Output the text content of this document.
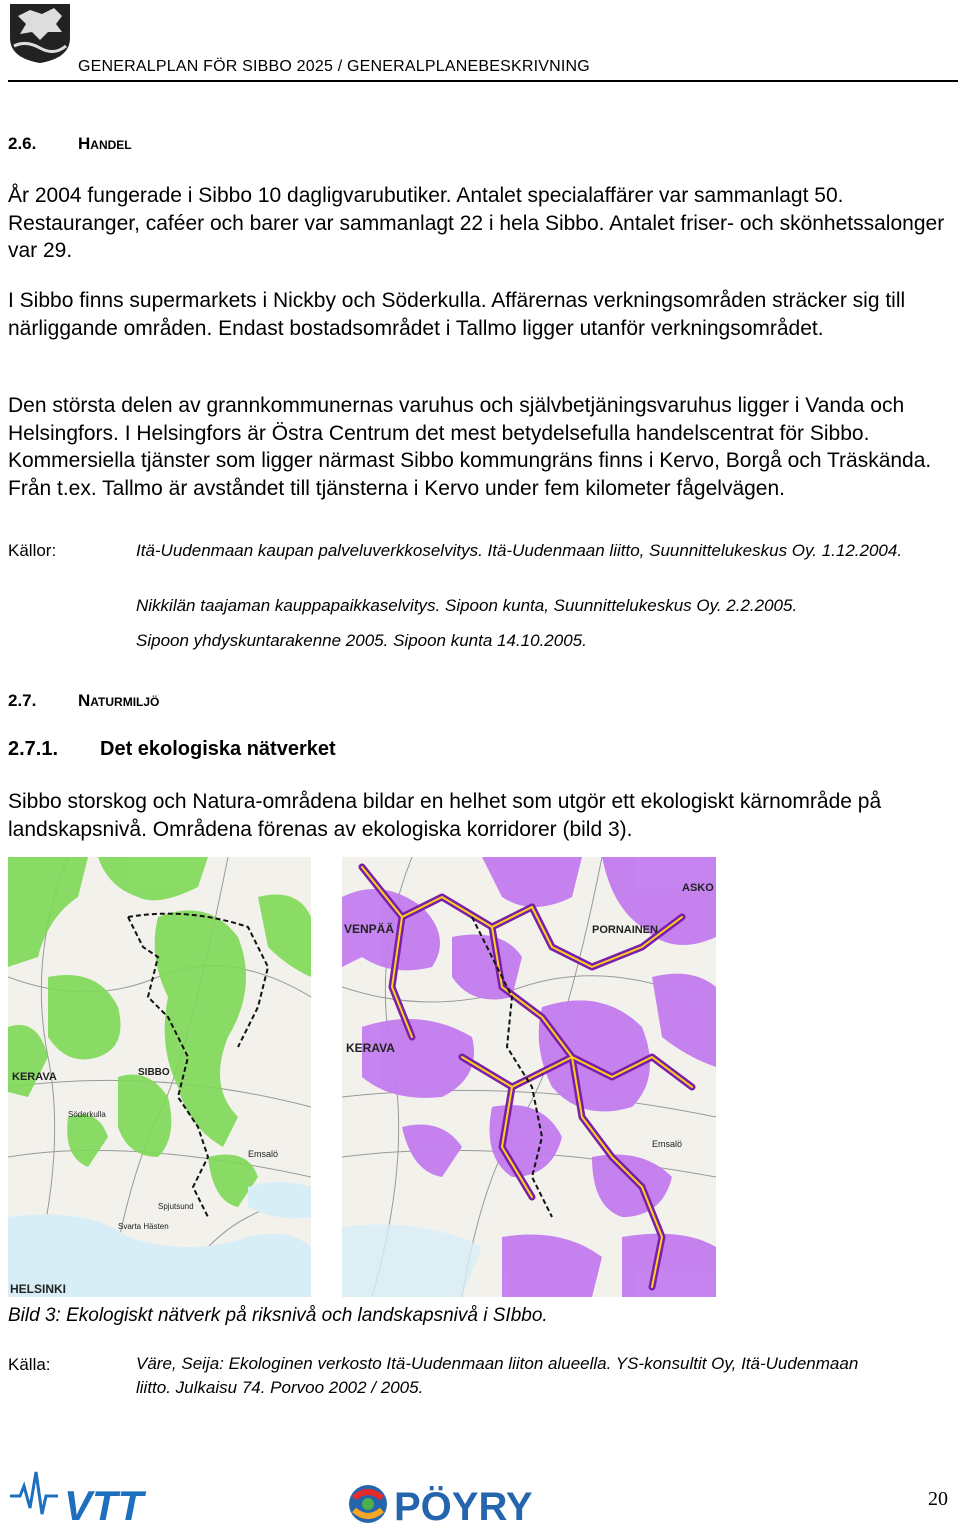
GENERALPLAN FÖR SIBBO 2025 / GENERALPLANEBESKRIVNING
2.6. Handel

År 2004 fungerade i Sibbo 10 dagligvarubutiker. Antalet specialaffärer var sammanlagt 50. Restauranger, caféer och barer var sammanlagt 22 i hela Sibbo. Antalet friser- och skönhetssalonger var 29.

I Sibbo finns supermarkets i Nickby och Söderkulla. Affärernas verkningsområden sträcker sig till närliggande områden. Endast bostadsområdet i Tallmo ligger utanför verkningsområdet.

Den största delen av grannkommunernas varuhus och självbetjäningsvaruhus ligger i Vanda och Helsingfors. I Helsingfors är Östra Centrum det mest betydelsefulla handelscentrat för Sibbo. Kommersiella tjänster som ligger närmast Sibbo kommungräns finns i Kervo, Borgå och Träskända. Från t.ex. Tallmo är avståndet till tjänsterna i Kervo under fem kilometer fågelvägen.

Källor:	Itä-Uudenmaan kaupan palveluverkkoselvitys. Itä-Uudenmaan liitto, Suunnittelukeskus Oy. 1.12.2004.

Nikkilän taajaman kauppapaikkaselvitys. Sipoon kunta, Suunnittelukeskus Oy. 2.2.2005.

Sipoon yhdyskuntarakenne 2005. Sipoon kunta 14.10.2005.

2.7. Naturmiljö
2.7.1. Det ekologiska nätverket

Sibbo storskog och Natura-områdena bildar en helhet som utgör ett ekologiskt kärnområde på landskapsnivå. Områdena förenas av ekologiska korridorer (bild 3).

KERAVA	SIBBO
Emsalö
HELSINKI
Spjutsund
Svarta Hästen
Söderkulla
VENPÄÄ	PORNAINEN
KERAVA
ASKO
Emsalö
Bild 3: Ekologiskt nätverk på riksnivå och landskapsnivå i SIbbo.
Källa:	Väre, Seija: Ekologinen verkosto Itä-Uudenmaan liiton alueella. YS-konsultit Oy, Itä-Uudenmaan liitto. Julkaisu 74. Porvoo 2002 / 2005.

VTT	PÖYRY	20
